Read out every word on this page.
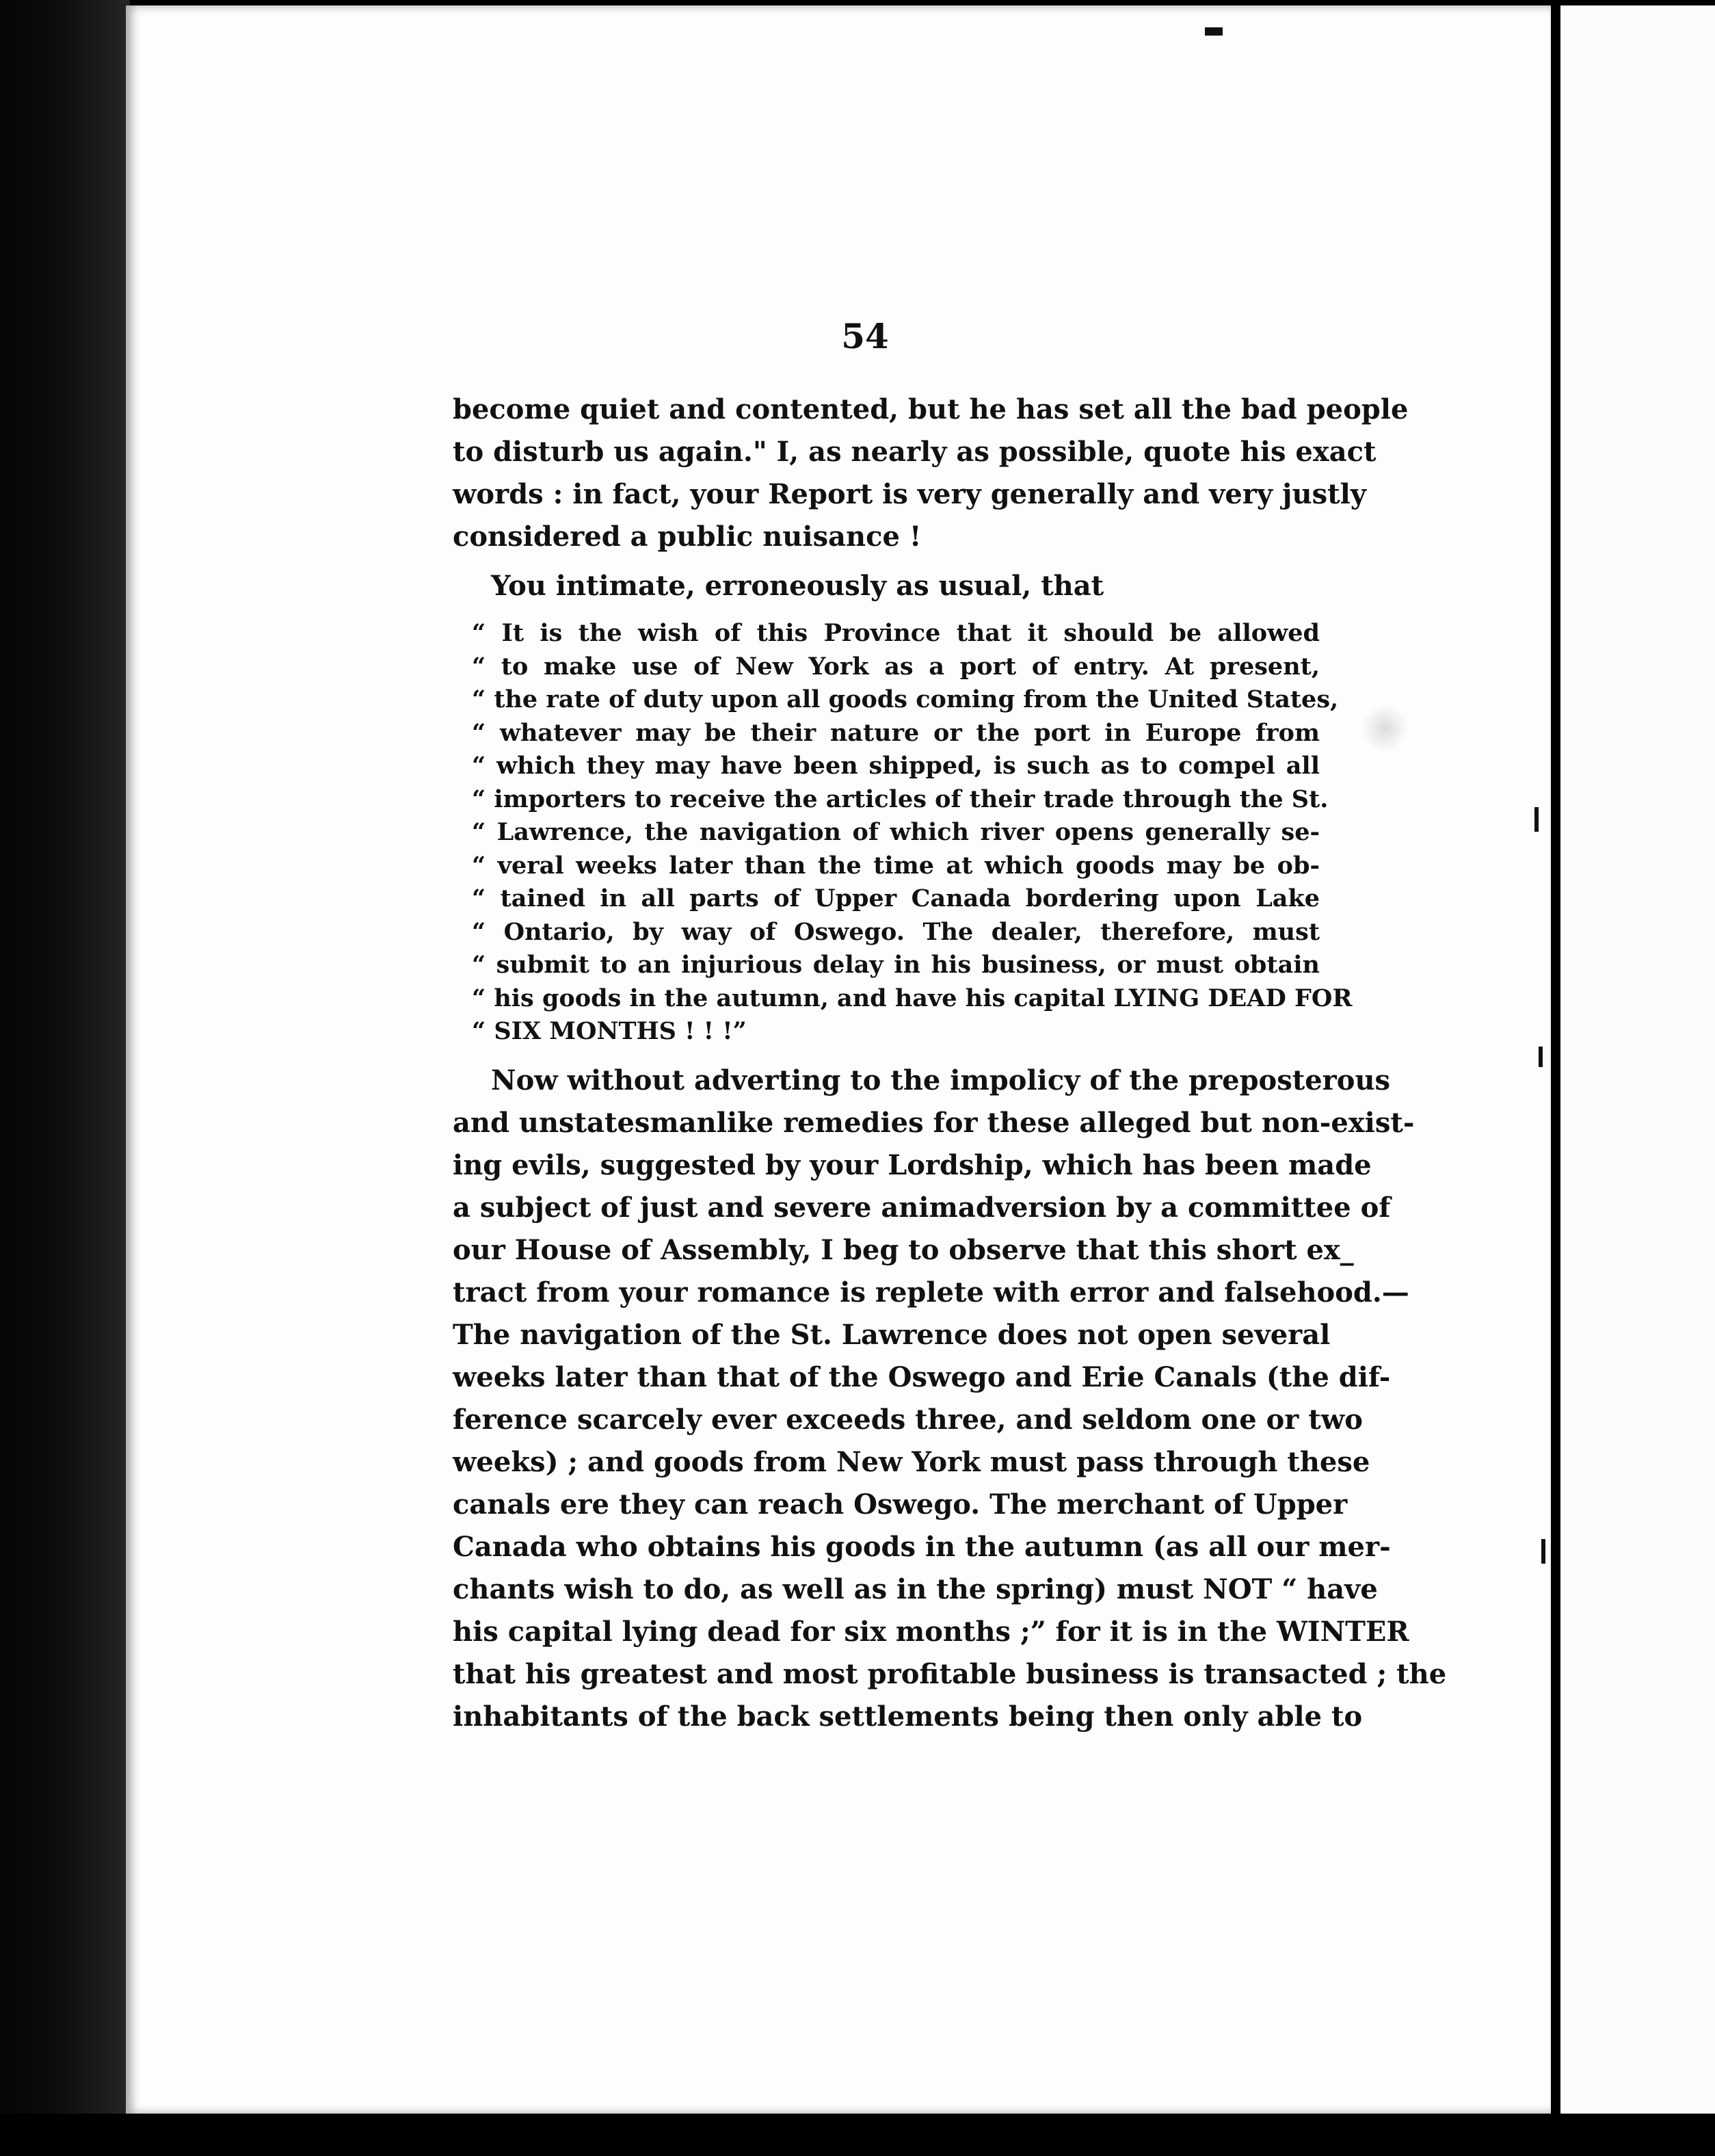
54

become quiet and contented, but he has set all the bad people
to disturb us again." I, as nearly as possible, quote his exact
words : in fact, your Report is very generally and very justly
considered a public nuisance !

You intimate, erroneously as usual, that

“ It is the wish of this Province that it should be allowed
“ to make use of New York as a port of entry. At present,
“ the rate of duty upon all goods coming from the United States,
“ whatever may be their nature or the port in Europe from
“ which they may have been shipped, is such as to compel all
“ importers to receive the articles of their trade through the St.
“ Lawrence, the navigation of which river opens generally se-
“ veral weeks later than the time at which goods may be ob-
“ tained in all parts of Upper Canada bordering upon Lake
“ Ontario, by way of Oswego. The dealer, therefore, must
“ submit to an injurious delay in his business, or must obtain
“ his goods in the autumn, and have his capital LYING DEAD FOR
“ SIX MONTHS ! ! !”

Now without adverting to the impolicy of the preposterous
and unstatesmanlike remedies for these alleged but non-exist-
ing evils, suggested by your Lordship, which has been made
a subject of just and severe animadversion by a committee of
our House of Assembly, I beg to observe that this short ex_
tract from your romance is replete with error and falsehood.—
The navigation of the St. Lawrence does not open several
weeks later than that of the Oswego and Erie Canals (the dif-
ference scarcely ever exceeds three, and seldom one or two
weeks) ; and goods from New York must pass through these
canals ere they can reach Oswego. The merchant of Upper
Canada who obtains his goods in the autumn (as all our mer-
chants wish to do, as well as in the spring) must NOT “ have
his capital lying dead for six months ;” for it is in the WINTER
that his greatest and most profitable business is transacted ; the
inhabitants of the back settlements being then only able to
